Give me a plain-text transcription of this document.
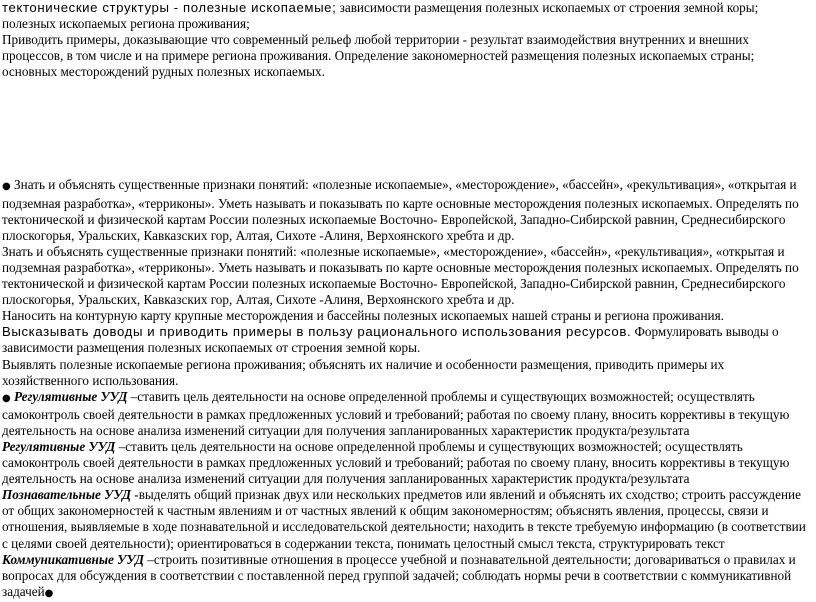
тектонические структуры - полезные ископаемые; зависимости размещения полезных ископаемых от строения земной коры; полезных ископаемых региона проживания;

Приводить примеры, доказывающие что современный рельеф любой территории - результат взаимодействия внутренних и внешних процессов, в том числе и на примере региона проживания. Определение закономерностей размещения полезных ископаемых страны; основных месторождений рудных полезных ископаемых.

● Знать и объяснять существенные признаки понятий: «полезные ископаемые», «месторождение», «бассейн», «рекультивация», «открытая и подземная разработка», «терриконы». Уметь называть и показывать по карте основные месторождения полезных ископаемых. Определять по тектонической и физической картам России полезных ископаемые Восточно- Европейской, Западно-Сибирской равнин, Среднесибирского плоскогорья, Уральских, Кавказских гор, Алтая, Сихоте -Алиня, Верхоянского хребта и др.

Знать и объяснять существенные признаки понятий: «полезные ископаемые», «месторождение», «бассейн», «рекультивация», «открытая и подземная разработка», «терриконы». Уметь называть и показывать по карте основные месторождения полезных ископаемых. Определять по тектонической и физической картам России полезных ископаемые Восточно- Европейской, Западно-Сибирской равнин, Среднесибирского плоскогорья, Уральских, Кавказских гор, Алтая, Сихоте -Алиня, Верхоянского хребта и др.

Наносить на контурную карту крупные месторождения и бассейны полезных ископаемых нашей страны и региона проживания.

Высказывать доводы и приводить примеры в пользу рационального использования ресурсов. Формулировать выводы о зависимости размещения полезных ископаемых от строения земной коры.

Выявлять полезные ископаемые региона проживания; объяснять их наличие и особенности размещения, приводить примеры их хозяйственного использования.

● Регулятивные УУД –ставить цель деятельности на основе определенной проблемы и существующих возможностей; осуществлять самоконтроль своей деятельности в рамках предложенных условий и требований; работая по своему плану, вносить коррективы в текущую деятельность на основе анализа изменений ситуации для получения запланированных характеристик продукта/результата

Регулятивные УУД –ставить цель деятельности на основе определенной проблемы и существующих возможностей; осуществлять самоконтроль своей деятельности в рамках предложенных условий и требований; работая по своему плану, вносить коррективы в текущую деятельность на основе анализа изменений ситуации для получения запланированных характеристик продукта/результата

Познавательные УУД -выделять общий признак двух или нескольких предметов или явлений и объяснять их сходство; строить рассуждение от общих закономерностей к частным явлениям и от частных явлений к общим закономерностям; объяснять явления, процессы, связи и отношения, выявляемые в ходе познавательной и исследовательской деятельности; находить в тексте требуемую информацию (в соответствии с целями своей деятельности); ориентироваться в содержании текста, понимать целостный смысл текста, структурировать текст

Коммуникативные УУД –строить позитивные отношения в процессе учебной и познавательной деятельности; договариваться о правилах и вопросах для обсуждения в соответствии с поставленной перед группой задачей; соблюдать нормы речи в соответствии с коммуникативной задачей●
